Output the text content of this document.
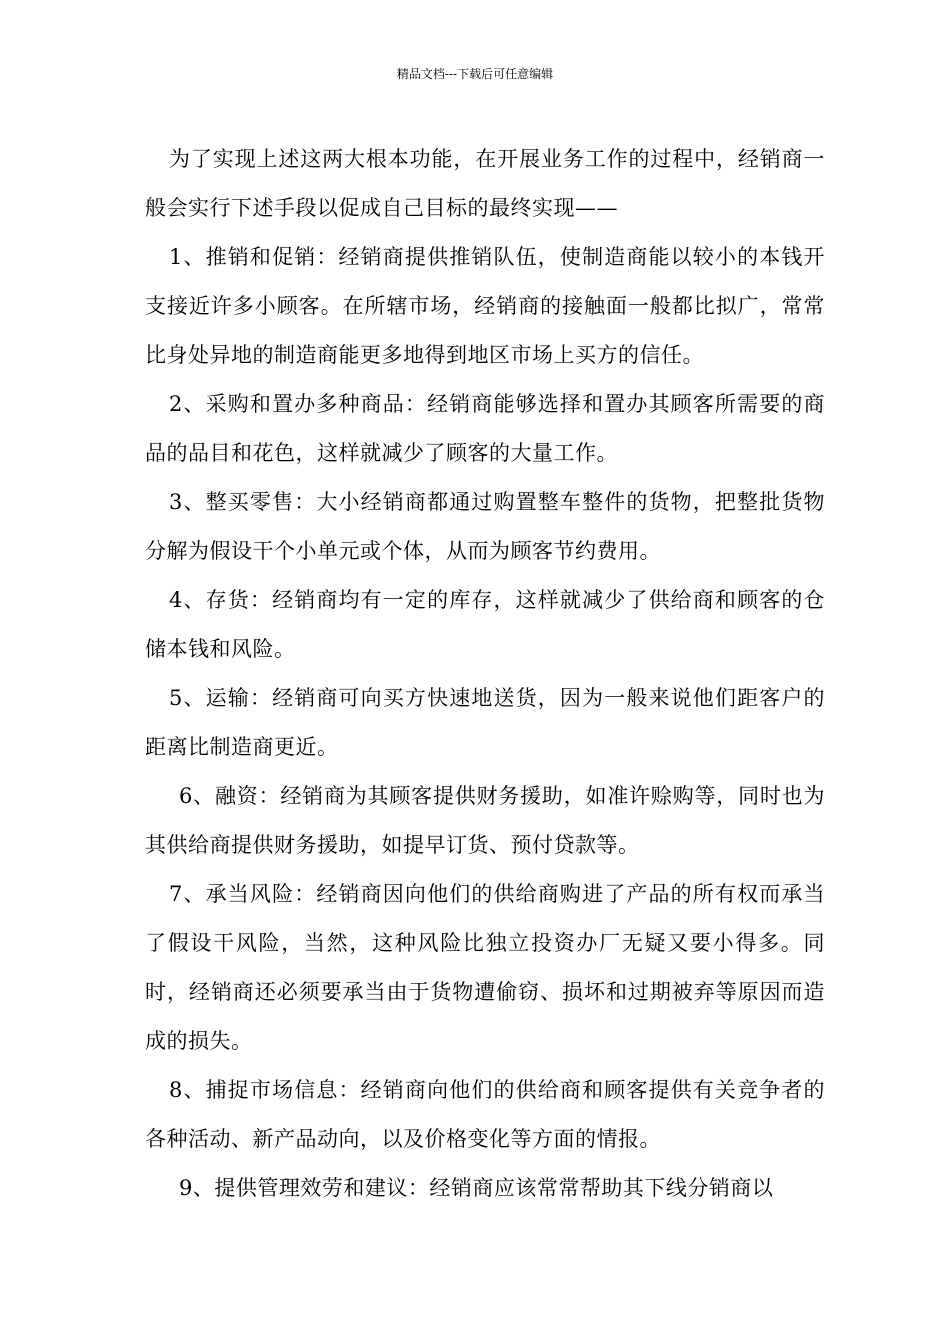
精品文档---下载后可任意编辑

为了实现上述这两大根本功能，在开展业务工作的过程中，经销商一般会实行下述手段以促成自己目标的最终实现——

1、推销和促销：经销商提供推销队伍，使制造商能以较小的本钱开支接近许多小顾客。在所辖市场，经销商的接触面一般都比拟广，常常比身处异地的制造商能更多地得到地区市场上买方的信任。

2、采购和置办多种商品：经销商能够选择和置办其顾客所需要的商品的品目和花色，这样就减少了顾客的大量工作。

3、整买零售：大小经销商都通过购置整车整件的货物，把整批货物分解为假设干个小单元或个体，从而为顾客节约费用。

4、存货：经销商均有一定的库存，这样就减少了供给商和顾客的仓储本钱和风险。

5、运输：经销商可向买方快速地送货，因为一般来说他们距客户的距离比制造商更近。

6、融资：经销商为其顾客提供财务援助，如准许赊购等，同时也为其供给商提供财务援助，如提早订货、预付贷款等。

7、承当风险：经销商因向他们的供给商购进了产品的所有权而承当了假设干风险，当然，这种风险比独立投资办厂无疑又要小得多。同时，经销商还必须要承当由于货物遭偷窃、损坏和过期被弃等原因而造成的损失。

8、捕捉市场信息：经销商向他们的供给商和顾客提供有关竞争者的各种活动、新产品动向，以及价格变化等方面的情报。

9、提供管理效劳和建议：经销商应该常常帮助其下线分销商以
